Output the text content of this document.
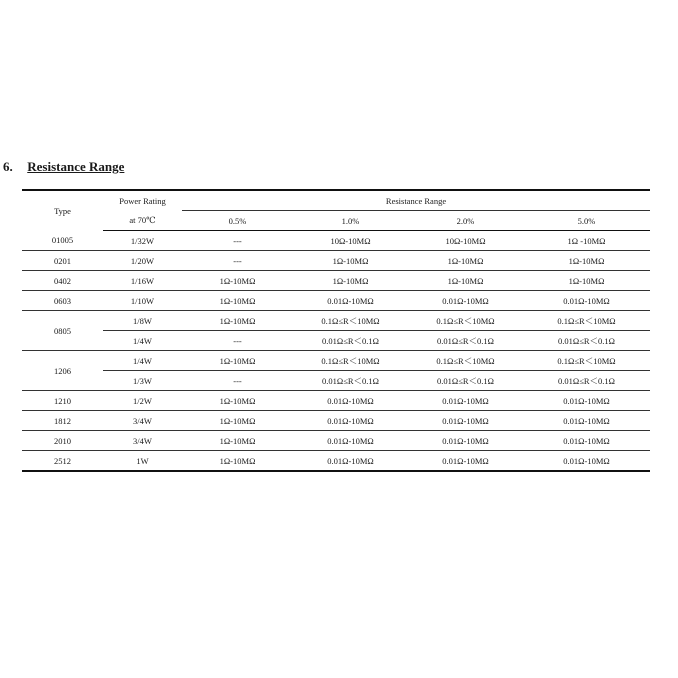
6. Resistance Range
Type	Power Rating	Resistance Range			
	at 70℃	0.5%	1.0%	2.0%	5.0%
01005	1/32W	---	10Ω-10MΩ	10Ω-10MΩ	1Ω -10MΩ
0201	1/20W	---	1Ω-10MΩ	1Ω-10MΩ	1Ω-10MΩ
0402	1/16W	1Ω-10MΩ	1Ω-10MΩ	1Ω-10MΩ	1Ω-10MΩ
0603	1/10W	1Ω-10MΩ	0.01Ω-10MΩ	0.01Ω-10MΩ	0.01Ω-10MΩ
0805	1/8W	1Ω-10MΩ	0.1Ω≤R＜10MΩ	0.1Ω≤R＜10MΩ	0.1Ω≤R＜10MΩ
	1/4W	---	0.01Ω≤R＜0.1Ω	0.01Ω≤R＜0.1Ω	0.01Ω≤R＜0.1Ω
1206	1/4W	1Ω-10MΩ	0.1Ω≤R＜10MΩ	0.1Ω≤R＜10MΩ	0.1Ω≤R＜10MΩ
	1/3W	---	0.01Ω≤R＜0.1Ω	0.01Ω≤R＜0.1Ω	0.01Ω≤R＜0.1Ω
1210	1/2W	1Ω-10MΩ	0.01Ω-10MΩ	0.01Ω-10MΩ	0.01Ω-10MΩ
1812	3/4W	1Ω-10MΩ	0.01Ω-10MΩ	0.01Ω-10MΩ	0.01Ω-10MΩ
2010	3/4W	1Ω-10MΩ	0.01Ω-10MΩ	0.01Ω-10MΩ	0.01Ω-10MΩ
2512	1W	1Ω-10MΩ	0.01Ω-10MΩ	0.01Ω-10MΩ	0.01Ω-10MΩ
